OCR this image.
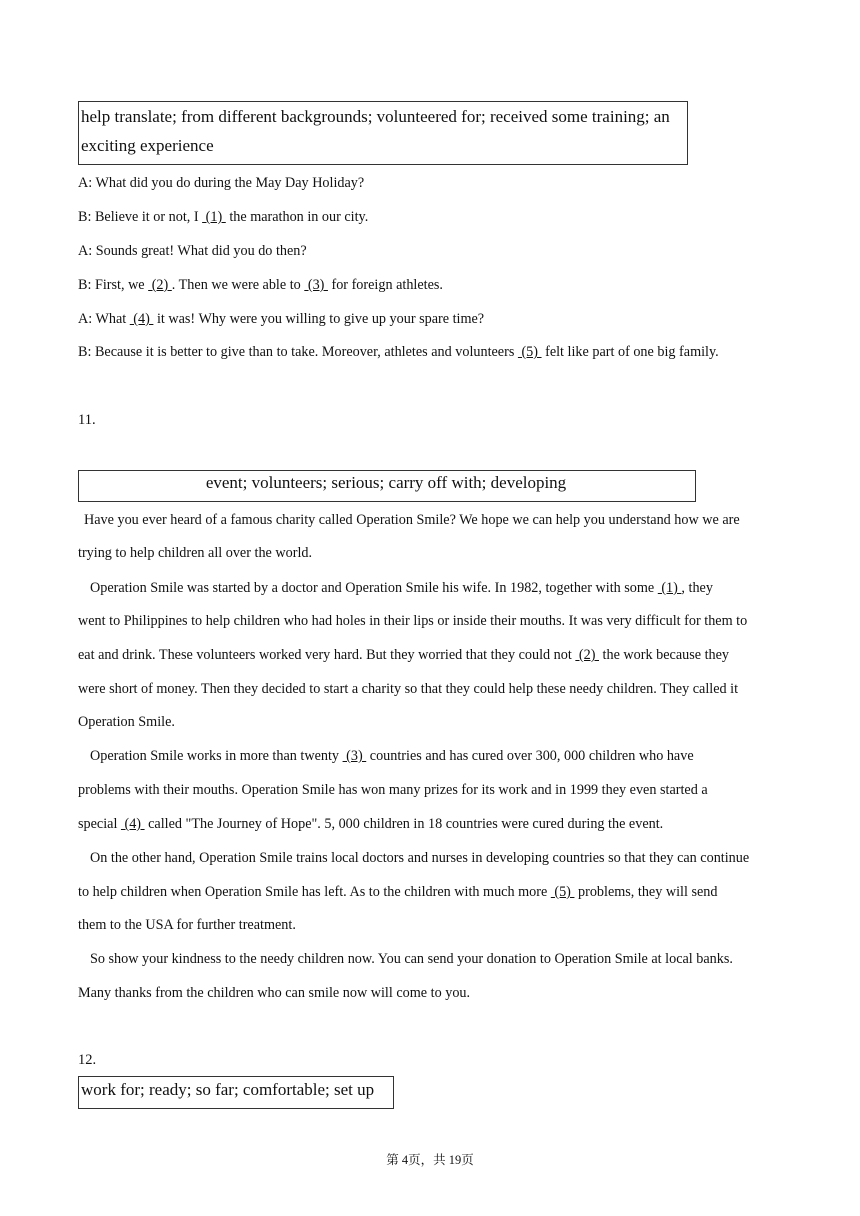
help translate; from different backgrounds; volunteered for; received some training; an exciting experience
A: What did you do during the May Day Holiday?
B: Believe it or not, I  (1)  the marathon in our city.
A: Sounds great! What did you do then?
B: First, we  (2) . Then we were able to  (3)  for foreign athletes.
A: What  (4)  it was! Why were you willing to give up your spare time?
B: Because it is better to give than to take. Moreover, athletes and volunteers  (5)  felt like part of one big family.
11.
event; volunteers; serious; carry off with; developing
Have you ever heard of a famous charity called Operation Smile? We hope we can help you understand how we are
trying to help children all over the world.
Operation Smile was started by a doctor and Operation Smile his wife. In 1982, together with some  (1) , they
went to Philippines to help children who had holes in their lips or inside their mouths. It was very difficult for them to
eat and drink. These volunteers worked very hard. But they worried that they could not  (2)  the work because they
were short of money. Then they decided to start a charity so that they could help these needy children. They called it
Operation Smile.
Operation Smile works in more than twenty  (3)  countries and has cured over 300, 000 children who have
problems with their mouths. Operation Smile has won many prizes for its work and in 1999 they even started a
special  (4)  called "The Journey of Hope". 5, 000 children in 18 countries were cured during the event.
On the other hand, Operation Smile trains local doctors and nurses in developing countries so that they can continue
to help children when Operation Smile has left. As to the children with much more  (5)  problems, they will send
them to the USA for further treatment.
So show your kindness to the needy children now. You can send your donation to Operation Smile at local banks.
Many thanks from the children who can smile now will come to you.
12.
work for; ready; so far; comfortable; set up
第 4页，共 19页
